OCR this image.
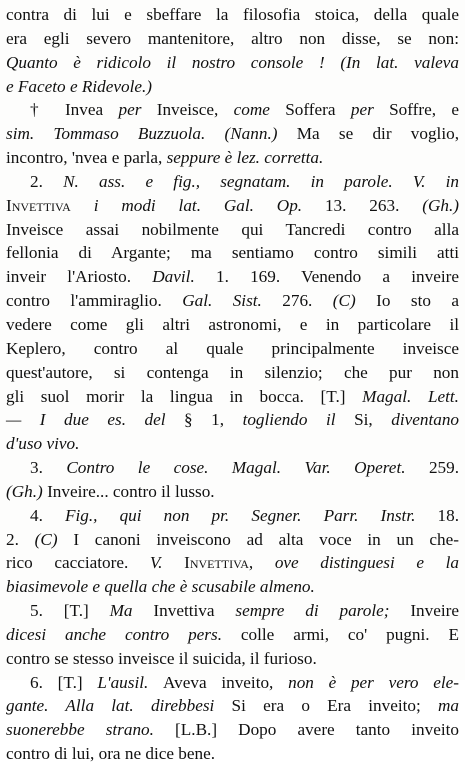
contra di lui e sbeffare la filosofia stoica, della quale
era egli severo mantenitore, altro non disse, se non:
Quanto è ridicolo il nostro console ! (In lat. valeva
e Faceto e Ridevole.)
† Invea per Inveisce, come Soffera per Soffre, e
sim. Tommaso Buzzuola. (Nann.) Ma se dir voglio,
incontro, 'nvea e parla, seppure è lez. corretta.
2. N. ass. e fig., segnatam. in parole. V. in
Invettiva i modi lat. Gal. Op. 13. 263. (Gh.)
Inveisce assai nobilmente qui Tancredi contro alla
fellonia di Argante; ma sentiamo contro simili atti
inveir l'Ariosto. Davil. 1. 169. Venendo a inveire
contro l'ammiraglio. Gal. Sist. 276. (C) Io sto a
vedere come gli altri astronomi, e in particolare il
Keplero, contro al quale principalmente inveisce
quest'autore, si contenga in silenzio; che pur non
gli suol morir la lingua in bocca. [T.] Magal. Lett.
— I due es. del § 1, togliendo il Si, diventano
d'uso vivo.
3. Contro le cose. Magal. Var. Operet. 259.
(Gh.) Inveire... contro il lusso.
4. Fig., qui non pr. Segner. Parr. Instr. 18.
2. (C) I canoni inveiscono ad alta voce in un che-
rico cacciatore. V. Invettiva, ove distinguesi e la
biasimevole e quella che è scusabile almeno.
5. [T.] Ma Invettiva sempre di parole; Inveire
dicesi anche contro pers. colle armi, co' pugni. E
contro se stesso inveisce il suicida, il furioso.
6. [T.] L'ausil. Aveva inveito, non è per vero ele-
gante. Alla lat. direbbesi Si era o Era inveito; ma
suonerebbe strano. [L.B.] Dopo avere tanto inveito
contro di lui, ora ne dice bene.
